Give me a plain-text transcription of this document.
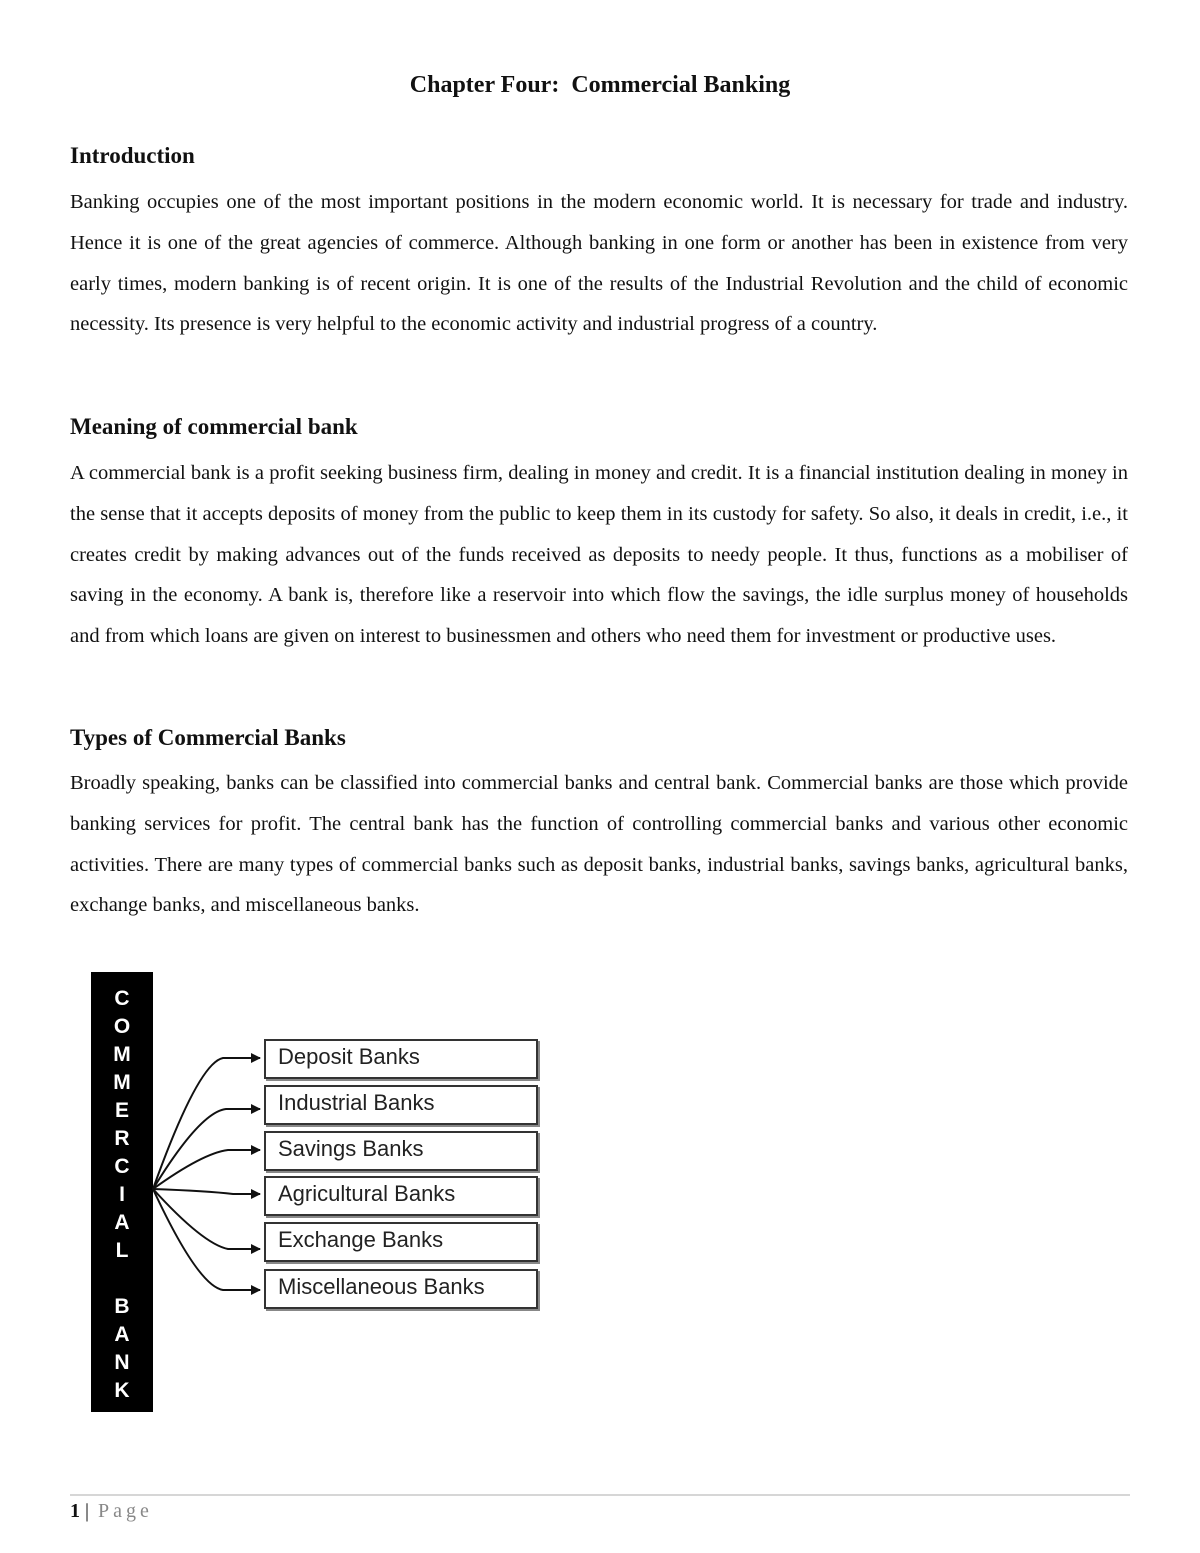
Chapter Four:  Commercial Banking
Introduction

Banking occupies one of the most important positions in the modern economic world. It is necessary for trade and industry. Hence it is one of the great agencies of commerce. Although banking in one form or another has been in existence from very early times, modern banking is of recent origin. It is one of the results of the Industrial Revolution and the child of economic necessity. Its presence is very helpful to the economic activity and industrial progress of a country.

Meaning of commercial bank

A commercial bank is a profit seeking business firm, dealing in money and credit. It is a financial institution dealing in money in the sense that it accepts deposits of money from the public to keep them in its custody for safety. So also, it deals in credit, i.e., it creates credit by making advances out of the funds received as deposits to needy people. It thus, functions as a mobiliser of saving in the economy. A bank is, therefore like a reservoir into which flow the savings, the idle surplus money of households and from which loans are given on interest to businessmen and others who need them for investment or productive uses.

Types of Commercial Banks

Broadly speaking, banks can be classified into commercial banks and central bank. Commercial banks are those which provide banking services for profit. The central bank has the function of controlling commercial banks and various other economic activities. There are many types of commercial banks such as deposit banks, industrial banks, savings banks, agricultural banks, exchange banks, and miscellaneous banks.

C
O
M
M
E
R
C
I
A
L
B
A
N
K
Deposit Banks
Industrial Banks
Savings Banks
Agricultural Banks
Exchange Banks
Miscellaneous Banks
1 | Page
